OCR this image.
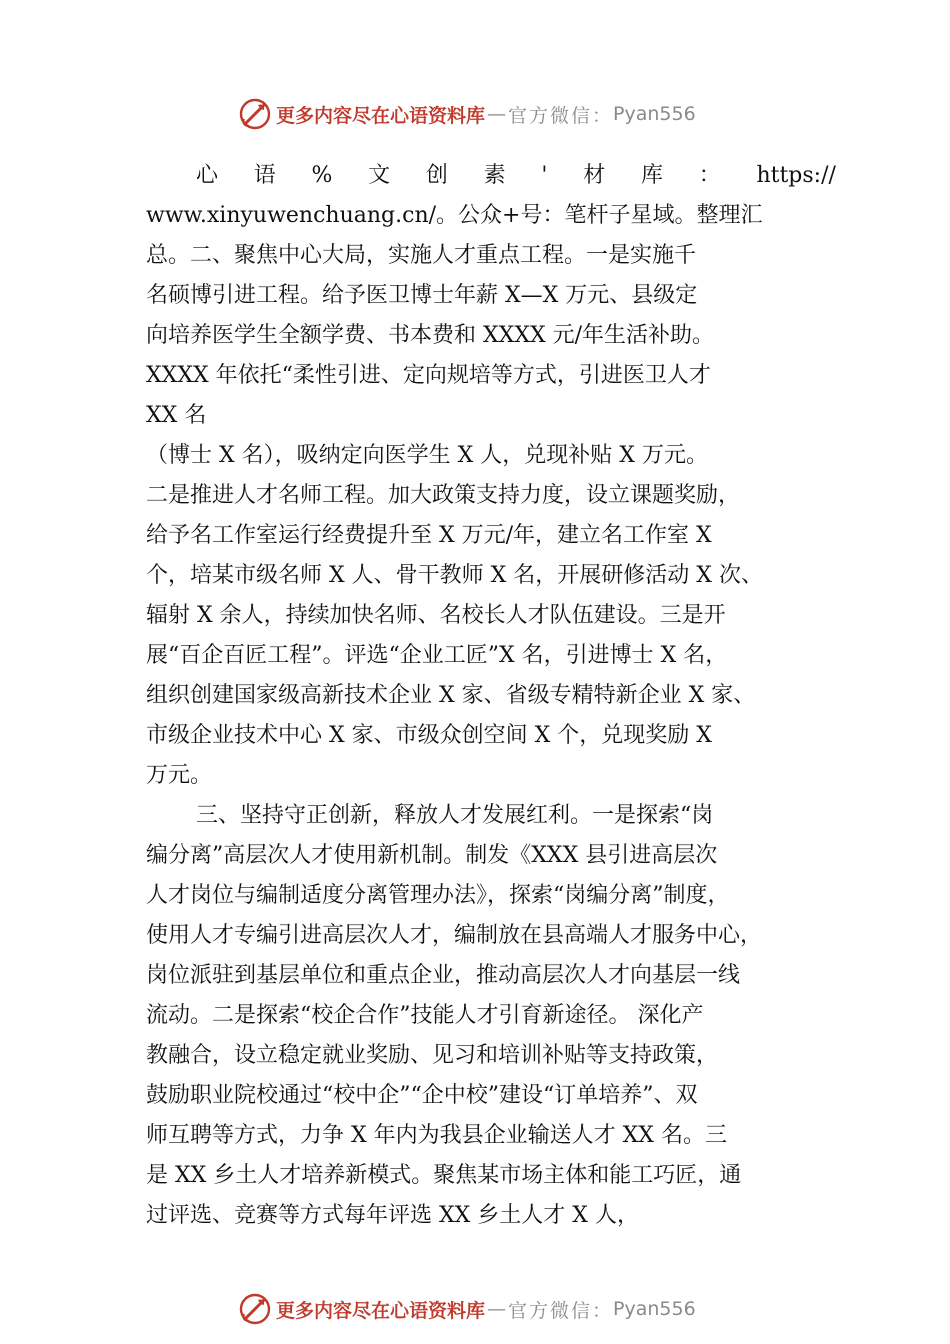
更多内容尽在心语资料库 — 官方微信： Pyan556
心 语 % 文 创 素 ' 材 库 ： https://
www.xinyuwenchuang.cn/。公众+号：笔杆子星域。整理汇
总。二、聚焦中心大局，实施人才重点工程。一是实施千
名硕博引进工程。给予医卫博士年薪 X—X 万元、县级定
向培养医学生全额学费、书本费和 XXXX 元/年生活补助。
XXXX 年依托“柔性引进、定向规培等方式，引进医卫人才
XX 名
（博士 X 名），吸纳定向医学生 X 人，兑现补贴 X 万元。
二是推进人才名师工程。加大政策支持力度，设立课题奖励，
给予名工作室运行经费提升至 X 万元/年，建立名工作室 X
个，培某市级名师 X 人、骨干教师 X 名，开展研修活动 X 次、
辐射 X 余人，持续加快名师、名校长人才队伍建设。三是开
展“百企百匠工程”。评选“企业工匠”X 名，引进博士 X 名，
组织创建国家级高新技术企业 X 家、省级专精特新企业 X 家、
市级企业技术中心 X 家、市级众创空间 X 个，兑现奖励 X
万元。
三、坚持守正创新，释放人才发展红利。一是探索“岗
编分离”高层次人才使用新机制。制发《XXX 县引进高层次
人才岗位与编制适度分离管理办法》，探索“岗编分离”制度，
使用人才专编引进高层次人才，编制放在县高端人才服务中心，
岗位派驻到基层单位和重点企业，推动高层次人才向基层一线
流动。二是探索“校企合作”技能人才引育新途径。 深化产
教融合，设立稳定就业奖励、见习和培训补贴等支持政策，
鼓励职业院校通过“校中企”“企中校”建设“订单培养”、双
师互聘等方式，力争 X 年内为我县企业输送人才 XX 名。三
是 XX 乡土人才培养新模式。聚焦某市场主体和能工巧匠，通
过评选、竞赛等方式每年评选 XX 乡土人才 X 人，
更多内容尽在心语资料库 — 官方微信： Pyan556
